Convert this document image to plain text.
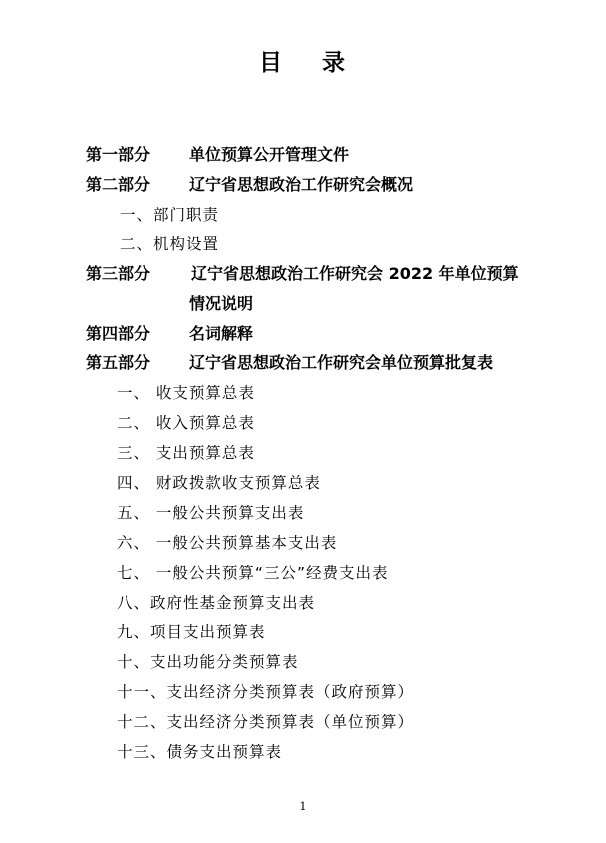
目 录
第一部分 单位预算公开管理文件
第二部分 辽宁省思想政治工作研究会概况
一、部门职责
二、机构设置
第三部分	辽宁省思想政治工作研究会 2022 年单位预算
情况说明
第四部分 名词解释
第五部分 辽宁省思想政治工作研究会单位预算批复表
一、 收支预算总表
二、 收入预算总表
三、 支出预算总表
四、 财政拨款收支预算总表
五、 一般公共预算支出表
六、 一般公共预算基本支出表
七、 一般公共预算“三公”经费支出表
八、政府性基金预算支出表
九、项目支出预算表
十、支出功能分类预算表
十一、支出经济分类预算表（政府预算）
十二、支出经济分类预算表（单位预算）
十三、债务支出预算表
1
